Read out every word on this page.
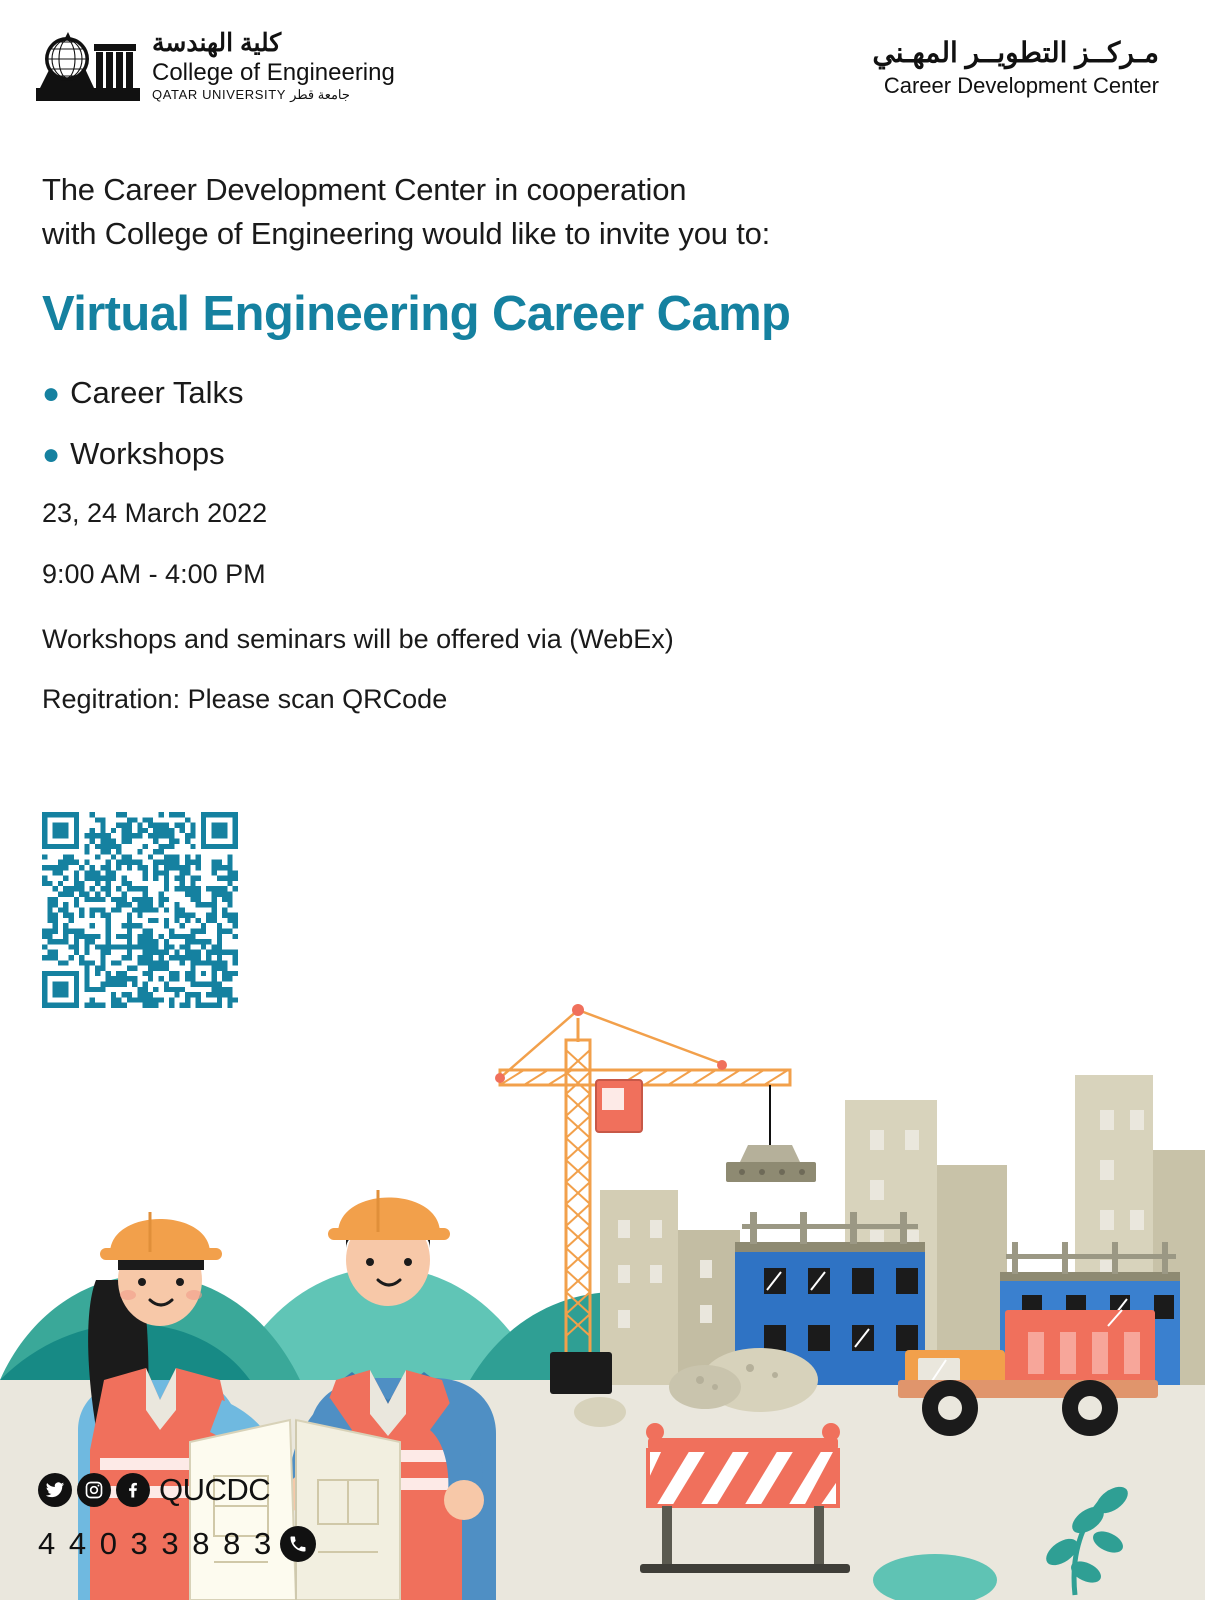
كلية الهندسة
College of Engineering
QATAR UNIVERSITY جامعة قطر
مـركــز التطويــر المهـني
Career Development Center
The Career Development Center in cooperation
with College of Engineering would like to invite you to:
Virtual Engineering Career Camp
● Career Talks
● Workshops
23, 24 March 2022
9:00 AM - 4:00 PM
Workshops and seminars will be offered via (WebEx)
Regitration: Please scan QRCode
QUCDC
4 4 0 3 3 8 8 3
